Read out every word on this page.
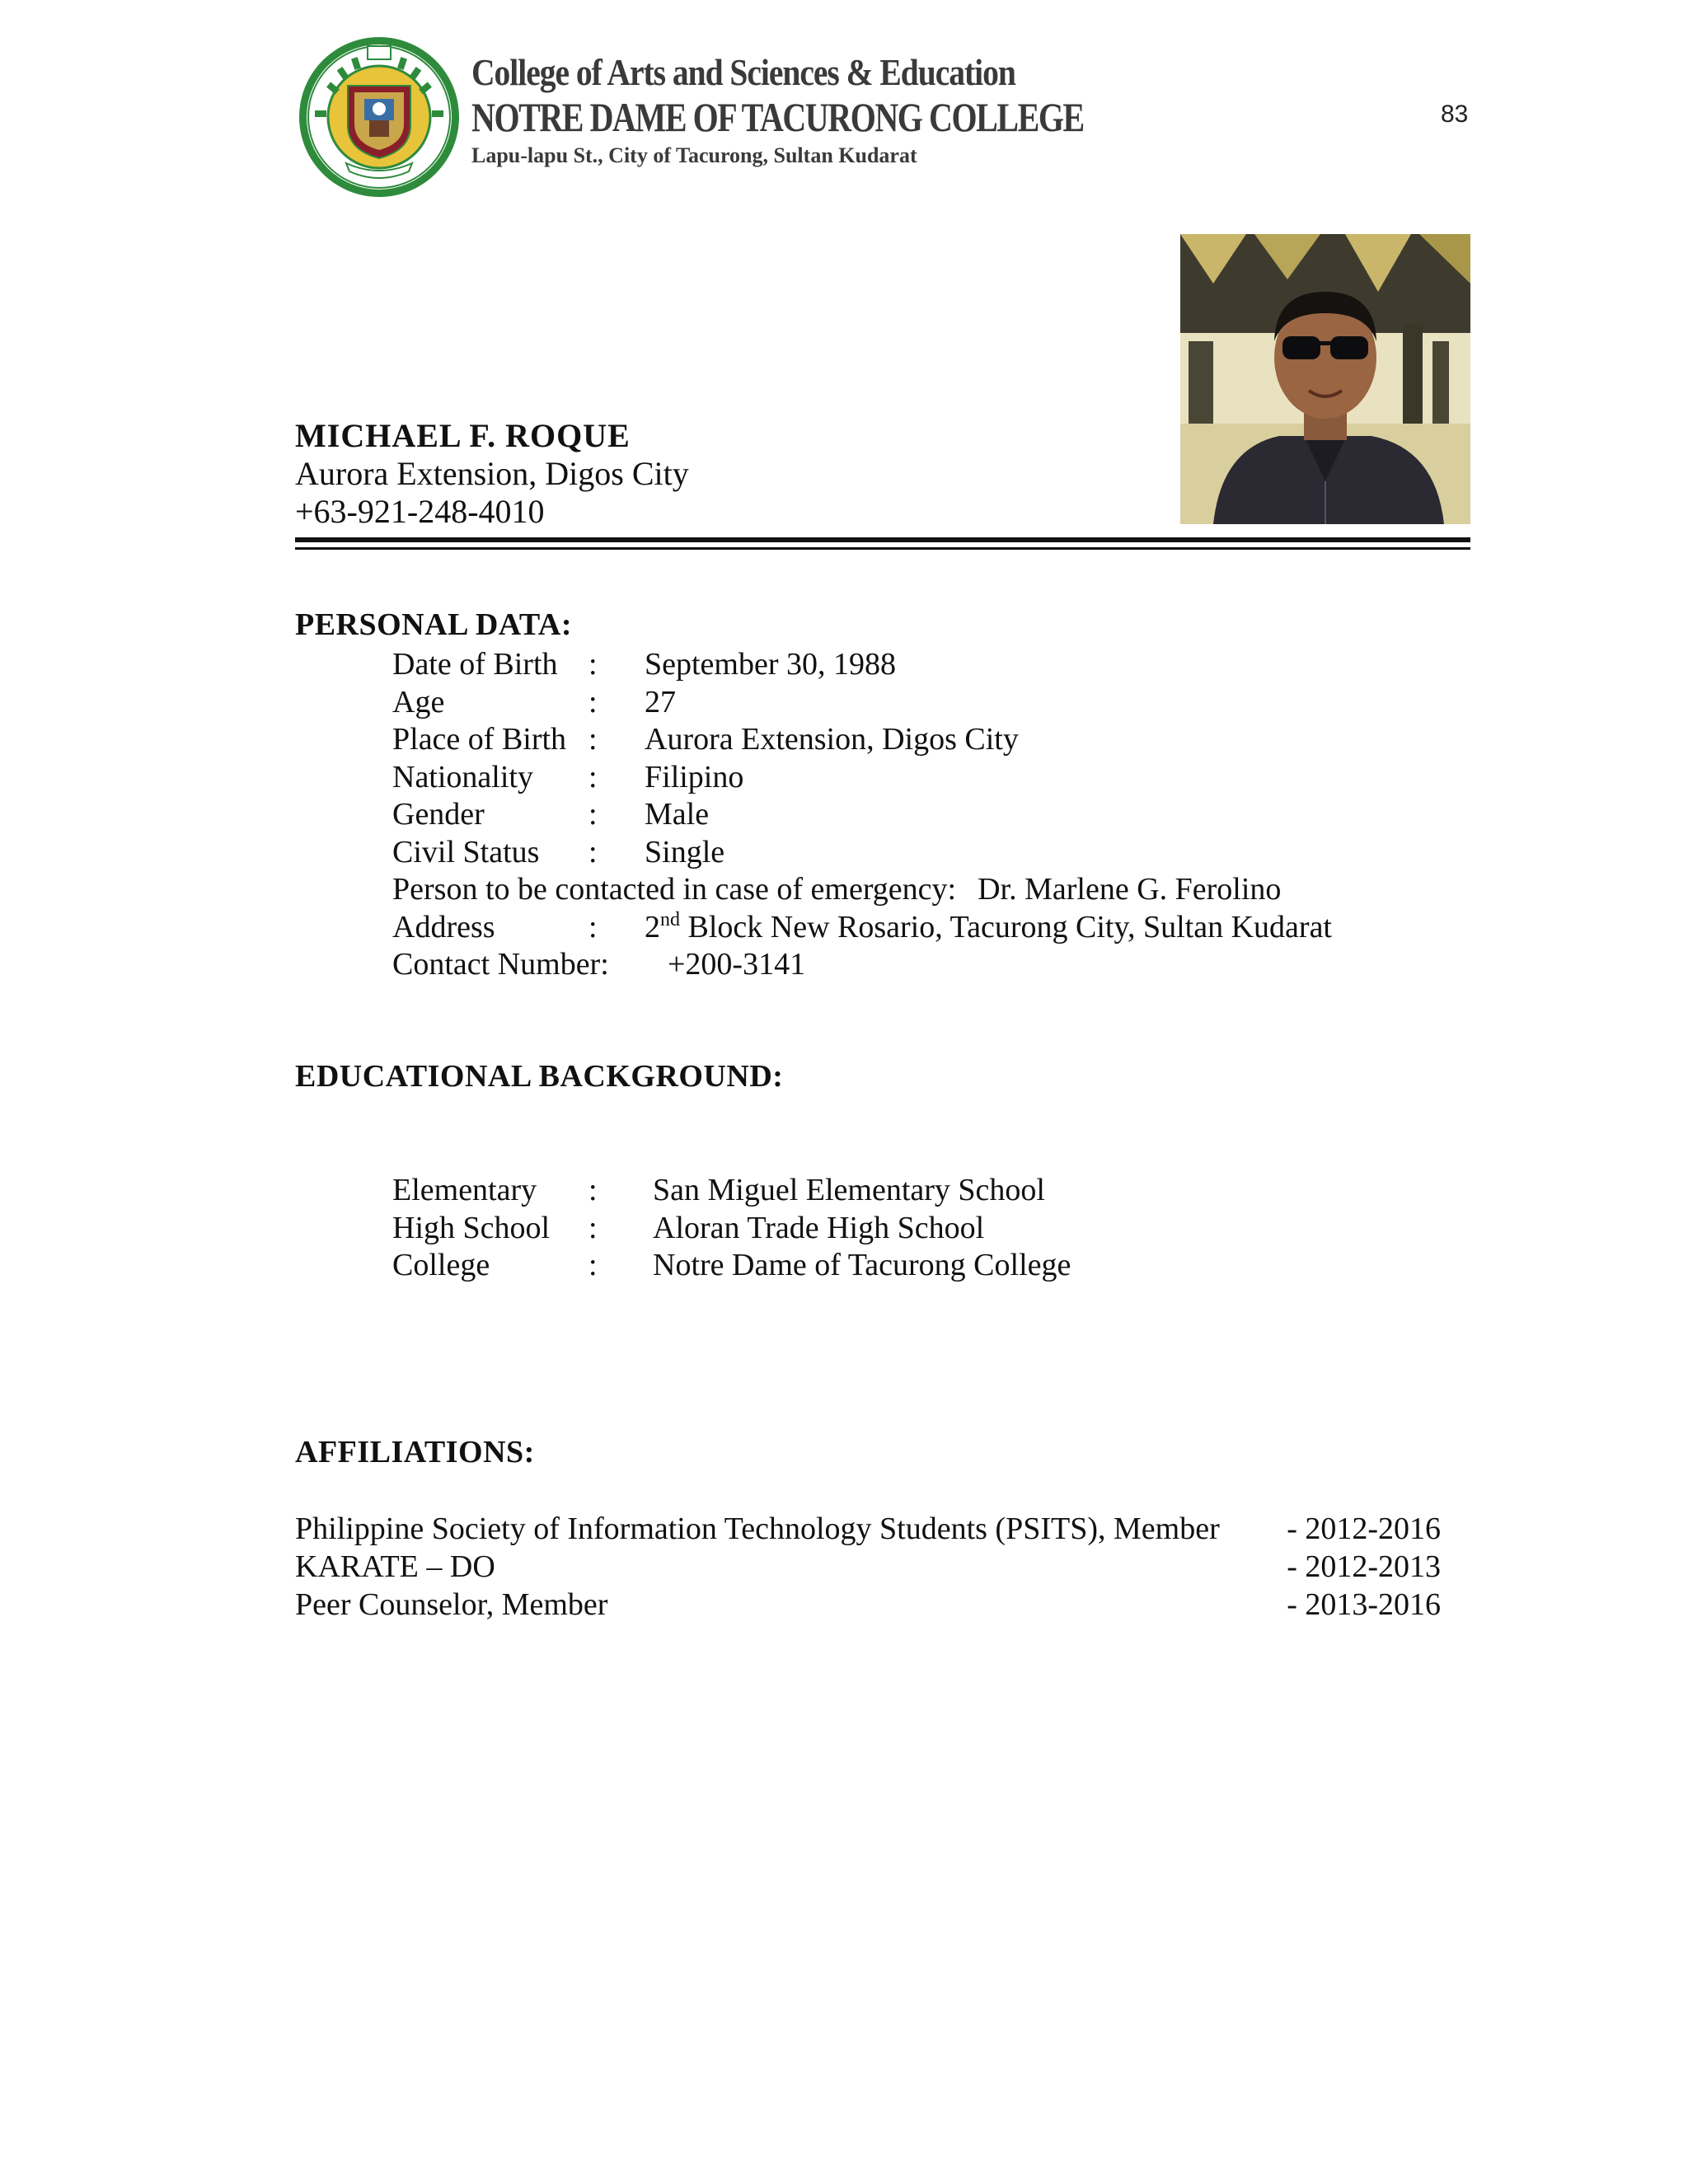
College of Arts and Sciences & Education
NOTRE DAME OF TACURONG COLLEGE
Lapu-lapu St., City of Tacurong, Sultan Kudarat
83
MICHAEL F. ROQUE
Aurora Extension, Digos City
+63-921-248-4010
PERSONAL DATA:
Date of Birth : September 30, 1988
Age	: 27
Place of Birth : Aurora Extension, Digos City
Nationality : Filipino
Gender	: Male
Civil Status : Single
Person to be contacted in case of emergency: Dr. Marlene G. Ferolino
Address	: 2nd Block New Rosario, Tacurong City, Sultan Kudarat
Contact Number: +200-3141
EDUCATIONAL BACKGROUND:
Elementary : San Miguel Elementary School
High School : Aloran Trade High School
College	: Notre Dame of Tacurong College
AFFILIATIONS:
Philippine Society of Information Technology Students (PSITS), Member - 2012-2016
KARATE – DO	- 2012-2013
Peer Counselor, Member	- 2013-2016
